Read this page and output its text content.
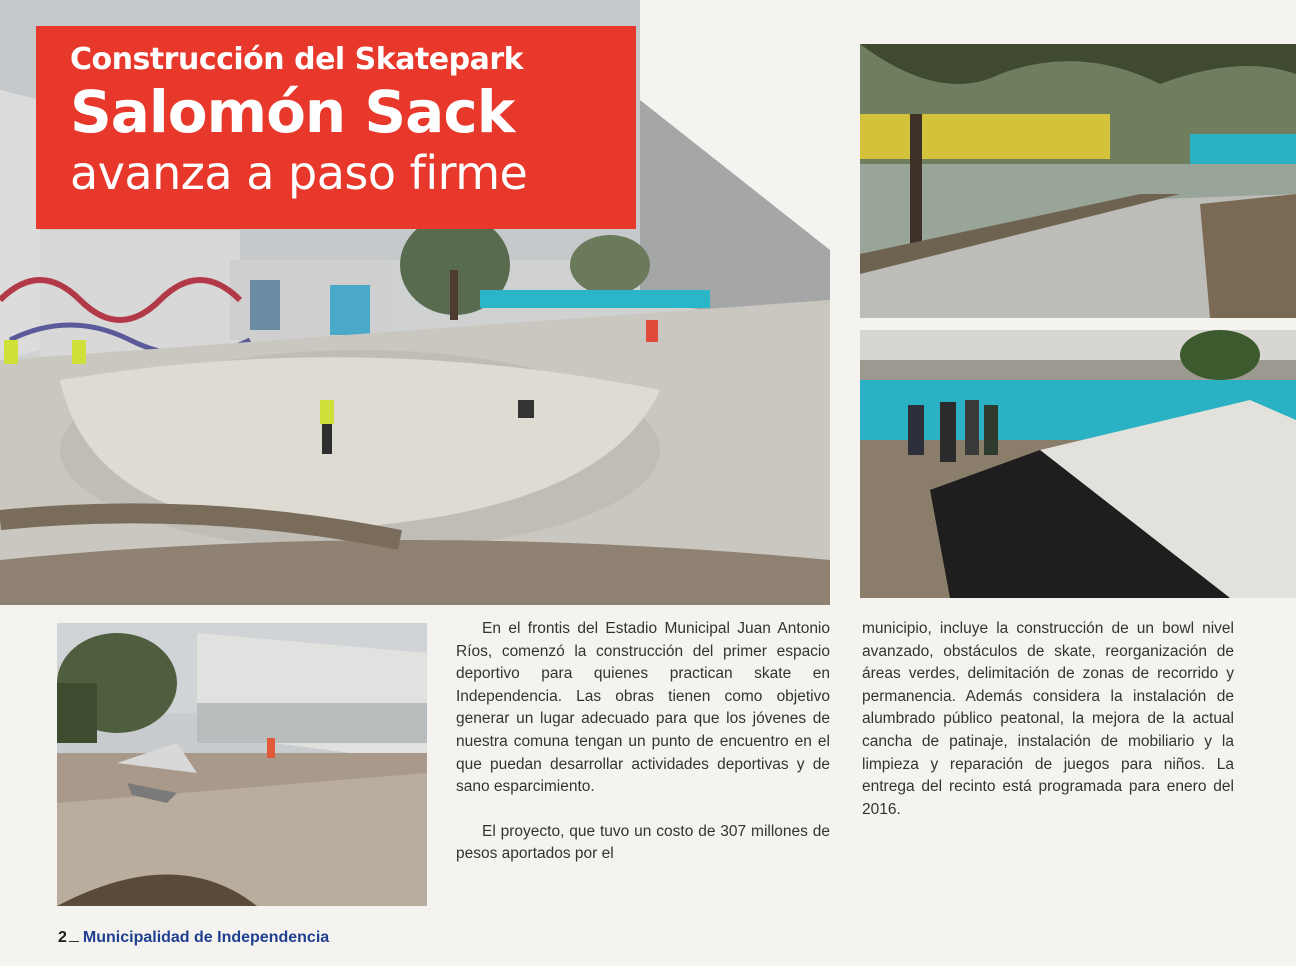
Construcción del Skatepark
Salomón Sack
avanza a paso firme

En el frontis del Estadio Municipal Juan Antonio Ríos, comenzó la construcción del primer espacio deportivo para quienes practican skate en Independencia. Las obras tienen como objetivo generar un lugar adecuado para que los jóvenes de nuestra comuna tengan un punto de encuentro en el que puedan desarrollar actividades deportivas y de sano esparcimiento.

El proyecto, que tuvo un costo de 307 millones de pesos aportados por el

municipio, incluye la construcción de un bowl nivel avanzado, obstáculos de skate, reorganización de áreas verdes, delimitación de zonas de recorrido y permanencia. Además considera la instalación de alumbrado público peatonal, la mejora de la actual cancha de patinaje, instalación de mobiliario y la limpieza y reparación de juegos para niños. La entrega del recinto está programada para enero del 2016.

2 Municipalidad de Independencia
